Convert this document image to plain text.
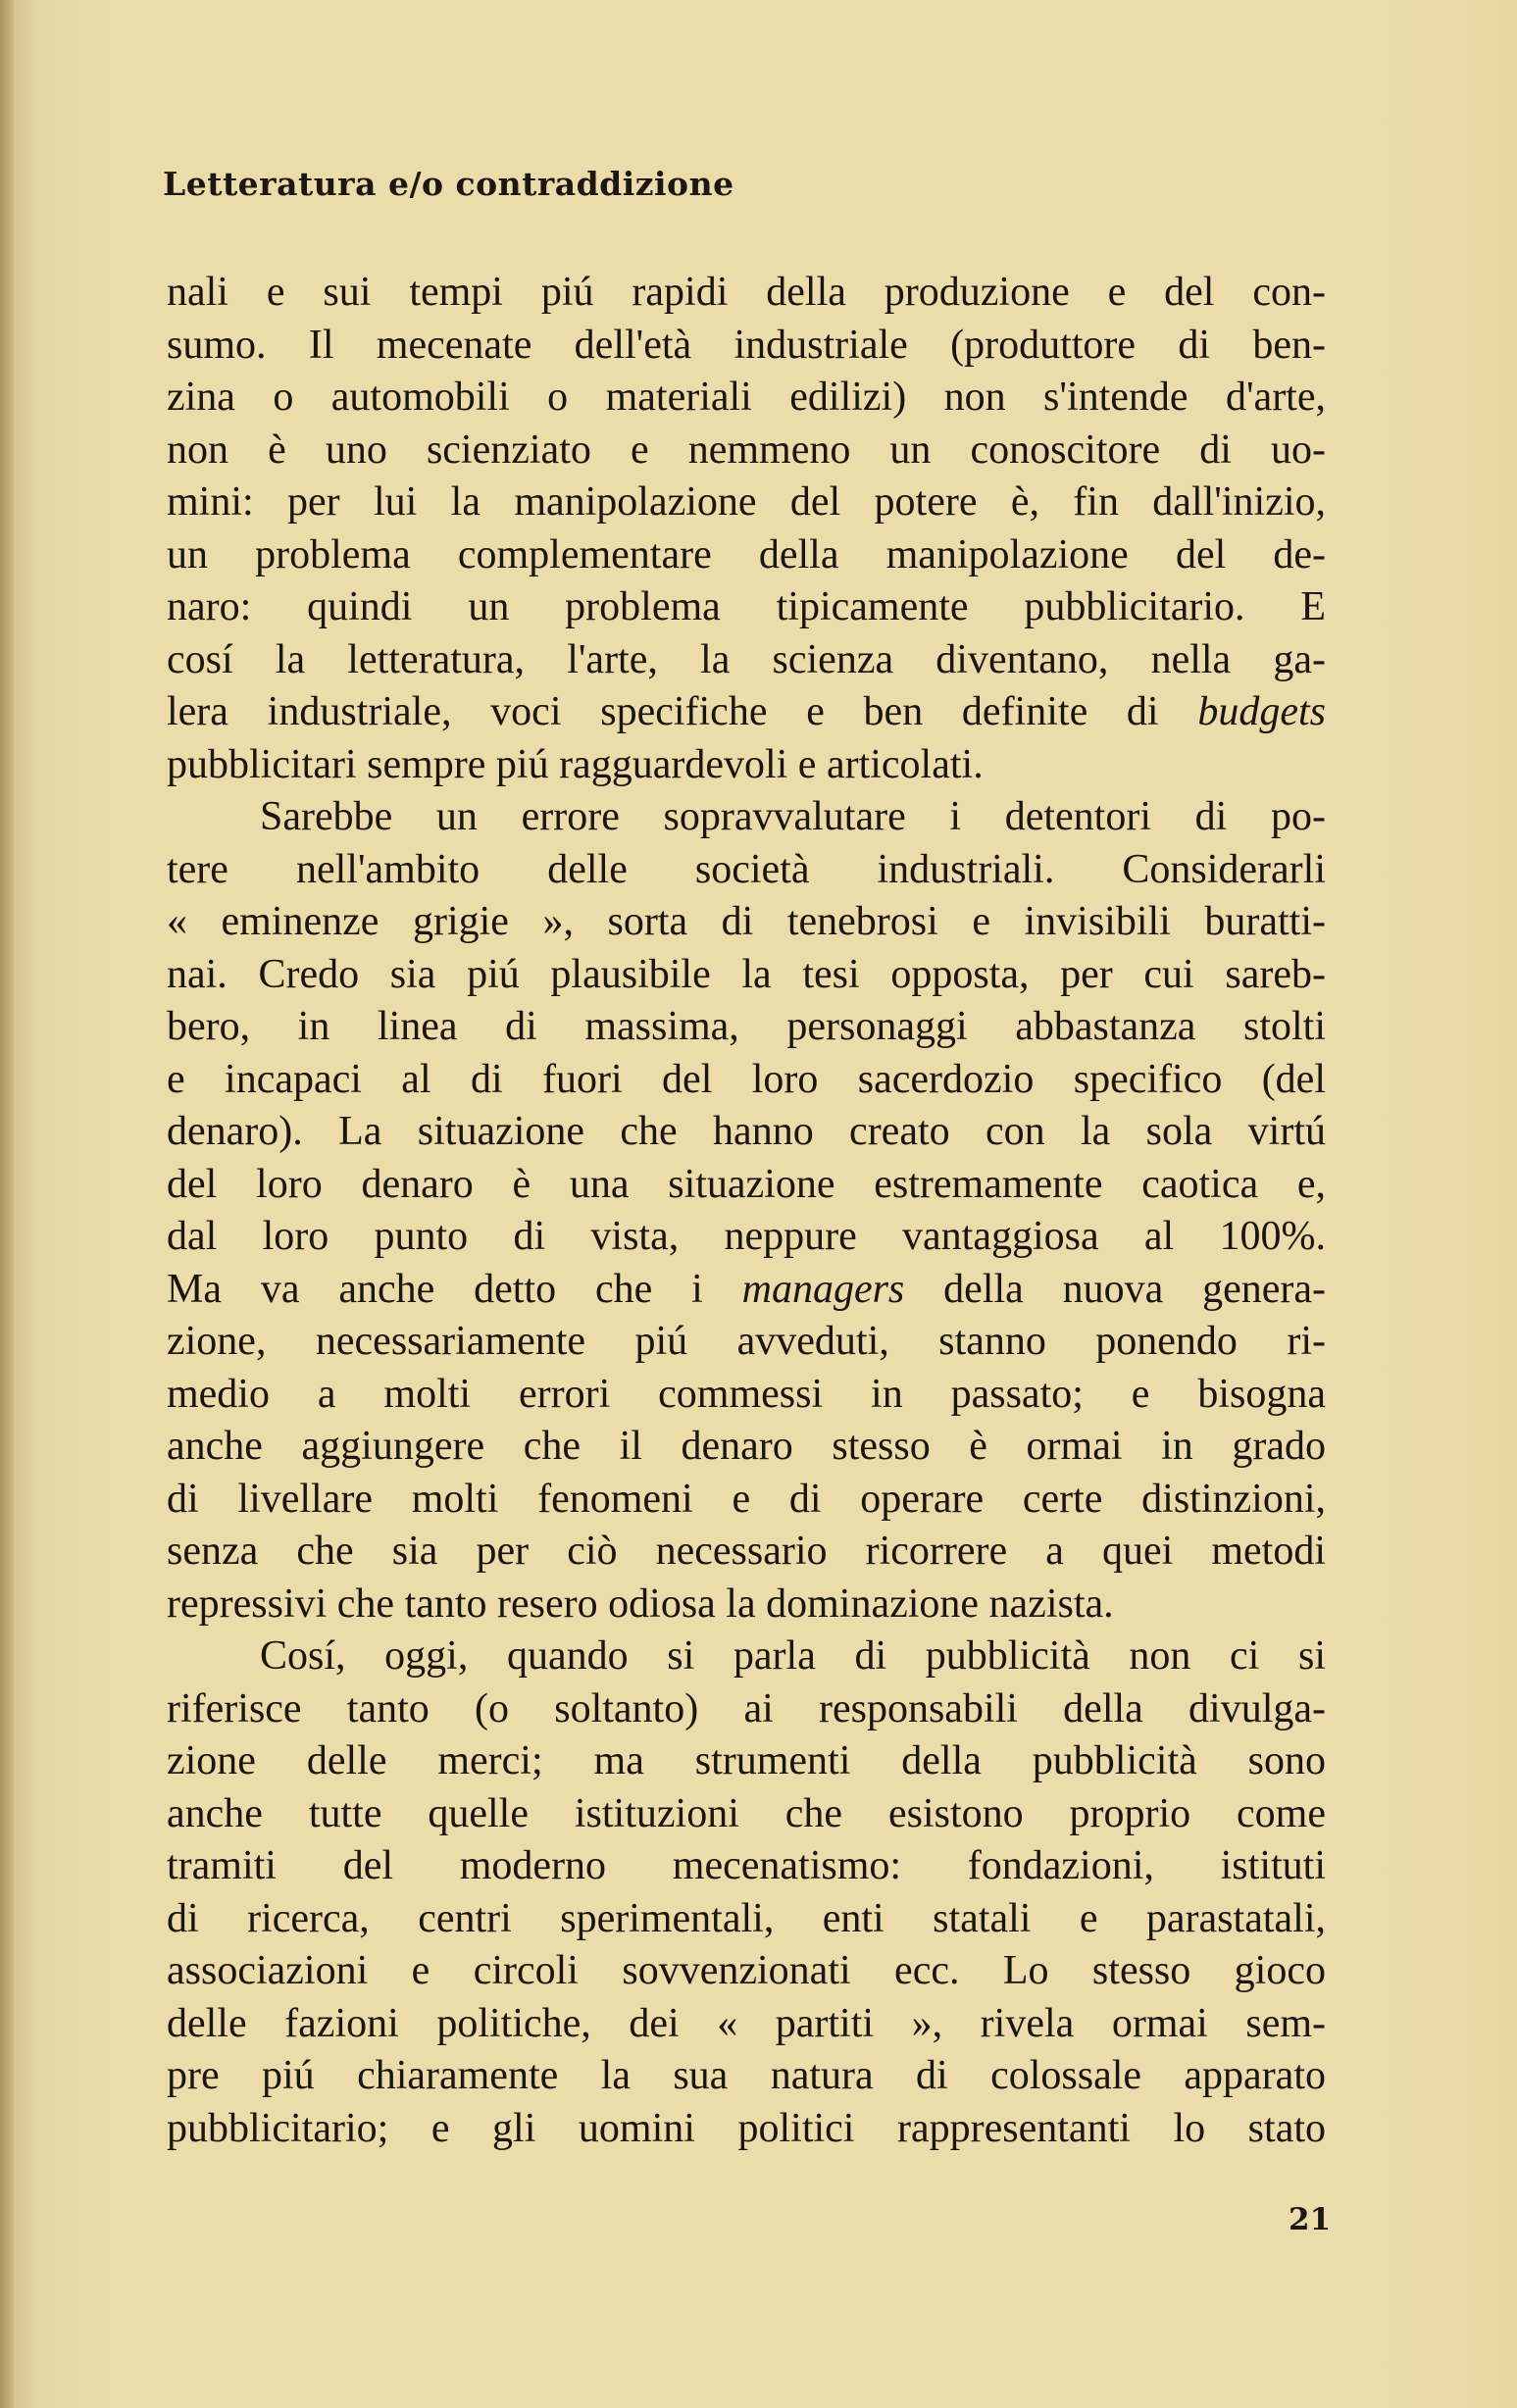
Letteratura e/o contraddizione
nali e sui tempi piú rapidi della produzione e del con-
sumo. Il mecenate dell'età industriale (produttore di ben-
zina o automobili o materiali edilizi) non s'intende d'arte,
non è uno scienziato e nemmeno un conoscitore di uo-
mini: per lui la manipolazione del potere è, fin dall'inizio,
un problema complementare della manipolazione del de-
naro: quindi un problema tipicamente pubblicitario. E
cosí la letteratura, l'arte, la scienza diventano, nella ga-
lera industriale, voci specifiche e ben definite di budgets
pubblicitari sempre piú ragguardevoli e articolati.
Sarebbe un errore sopravvalutare i detentori di po-
tere nell'ambito delle società industriali. Considerarli
« eminenze grigie », sorta di tenebrosi e invisibili buratti-
nai. Credo sia piú plausibile la tesi opposta, per cui sareb-
bero, in linea di massima, personaggi abbastanza stolti
e incapaci al di fuori del loro sacerdozio specifico (del
denaro). La situazione che hanno creato con la sola virtú
del loro denaro è una situazione estremamente caotica e,
dal loro punto di vista, neppure vantaggiosa al 100%.
Ma va anche detto che i managers della nuova genera-
zione, necessariamente piú avveduti, stanno ponendo ri-
medio a molti errori commessi in passato; e bisogna
anche aggiungere che il denaro stesso è ormai in grado
di livellare molti fenomeni e di operare certe distinzioni,
senza che sia per ciò necessario ricorrere a quei metodi
repressivi che tanto resero odiosa la dominazione nazista.
Cosí, oggi, quando si parla di pubblicità non ci si
riferisce tanto (o soltanto) ai responsabili della divulga-
zione delle merci; ma strumenti della pubblicità sono
anche tutte quelle istituzioni che esistono proprio come
tramiti del moderno mecenatismo: fondazioni, istituti
di ricerca, centri sperimentali, enti statali e parastatali,
associazioni e circoli sovvenzionati ecc. Lo stesso gioco
delle fazioni politiche, dei « partiti », rivela ormai sem-
pre piú chiaramente la sua natura di colossale apparato
pubblicitario; e gli uomini politici rappresentanti lo stato
21
